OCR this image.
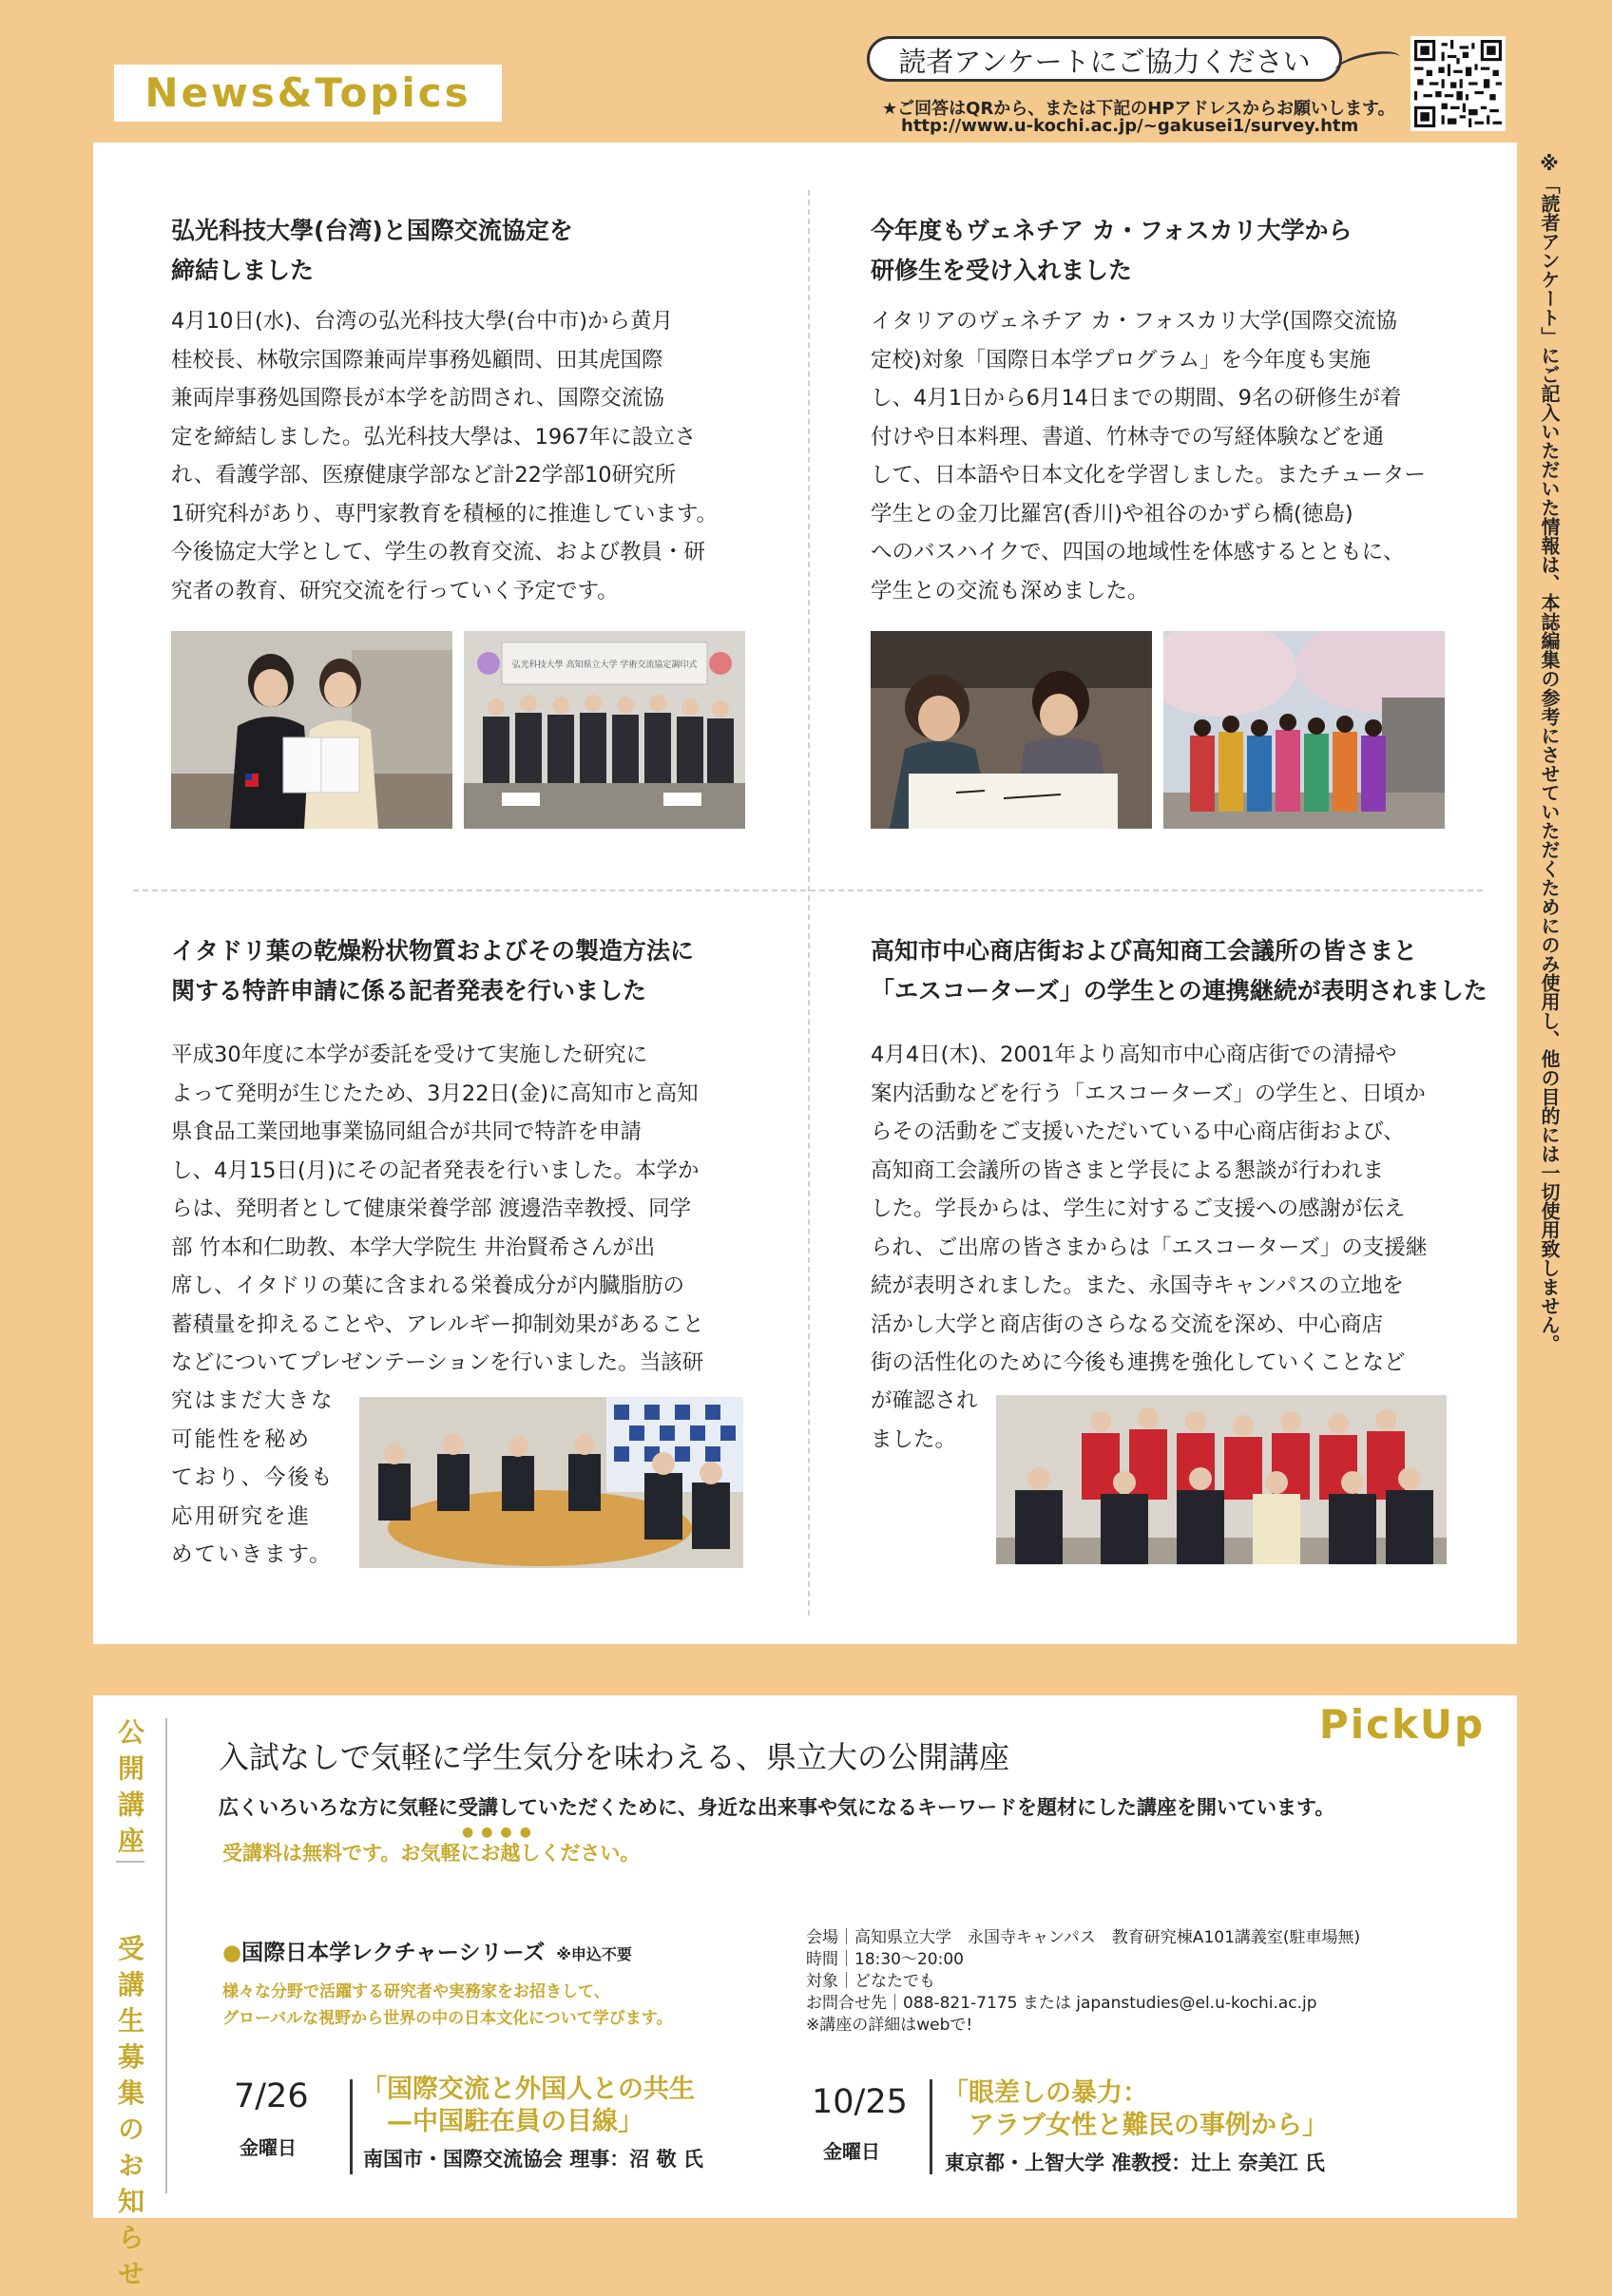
News&Topics
読者アンケートにご協力ください
★ご回答はQRから、または下記のHPアドレスからお願いします。
http://www.u-kochi.ac.jp/~gakusei1/survey.htm
※「読者アンケート」にご記入いただいた情報は、本誌編集の参考にさせていただくためにのみ使用し、他の目的には一切使用致しません。
弘光科技大學(台湾)と国際交流協定を
締結しました
4月10日(水)、台湾の弘光科技大學(台中市)から黄月
桂校長、林敬宗国際兼両岸事務処顧問、田其虎国際
兼両岸事務処国際長が本学を訪問され、国際交流協
定を締結しました。弘光科技大學は、1967年に設立さ
れ、看護学部、医療健康学部など計22学部10研究所
1研究科があり、専門家教育を積極的に推進しています。
今後協定大学として、学生の教育交流、および教員・研
究者の教育、研究交流を行っていく予定です。
弘光科技大學 高知県立大学 学術交流協定調印式
今年度もヴェネチア カ・フォスカリ大学から
研修生を受け入れました
イタリアのヴェネチア カ・フォスカリ大学(国際交流協
定校)対象「国際日本学プログラム」を今年度も実施
し、4月1日から6月14日までの期間、9名の研修生が着
付けや日本料理、書道、竹林寺での写経体験などを通
して、日本語や日本文化を学習しました。またチューター
学生との金刀比羅宮(香川)や祖谷のかずら橋(徳島)
へのバスハイクで、四国の地域性を体感するとともに、
学生との交流も深めました。
イタドリ葉の乾燥粉状物質およびその製造方法に
関する特許申請に係る記者発表を行いました
平成30年度に本学が委託を受けて実施した研究に
よって発明が生じたため、3月22日(金)に高知市と高知
県食品工業団地事業協同組合が共同で特許を申請
し、4月15日(月)にその記者発表を行いました。本学か
らは、発明者として健康栄養学部 渡邊浩幸教授、同学
部 竹本和仁助教、本学大学院生 井治賢希さんが出
席し、イタドリの葉に含まれる栄養成分が内臓脂肪の
蓄積量を抑えることや、アレルギー抑制効果があること
などについてプレゼンテーションを行いました。当該研
究はまだ大きな
可能性を秘め
ており、今後も
応用研究を進
めていきます。
高知市中心商店街および高知商工会議所の皆さまと
「エスコーターズ」の学生との連携継続が表明されました
4月4日(木)、2001年より高知市中心商店街での清掃や
案内活動などを行う「エスコーターズ」の学生と、日頃か
らその活動をご支援いただいている中心商店街および、
高知商工会議所の皆さまと学長による懇談が行われま
した。学長からは、学生に対するご支援への感謝が伝え
られ、ご出席の皆さまからは「エスコーターズ」の支援継
続が表明されました。また、永国寺キャンパスの立地を
活かし大学と商店街のさらなる交流を深め、中心商店
街の活性化のために今後も連携を強化していくことなど
が確認され
ました。
PickUp
公開講座  受講生募集のお知らせ
入試なしで気軽に学生気分を味わえる、県立大の公開講座
広くいろいろな方に気軽に受講していただくために、身近な出来事や気になるキーワードを題材にした講座を開いています。
受講料は無料です。お気軽にお越しください。
●●●●
●国際日本学レクチャーシリーズ ※申込不要
様々な分野で活躍する研究者や実務家をお招きして、
グローバルな視野から世界の中の日本文化について学びます。
会場｜高知県立大学　永国寺キャンパス　教育研究棟A101講義室(駐車場無)
時間｜18:30～20:00
対象｜どなたでも
お問合せ先｜088-821-7175 または japanstudies@el.u-kochi.ac.jp
※講座の詳細はwebで!
7/26
金曜日
「国際交流と外国人との共生
　—中国駐在員の目線」
南国市・国際交流協会 理事：沼 敬 氏
10/25
金曜日
「眼差しの暴力：
　アラブ女性と難民の事例から」
東京都・上智大学 准教授：辻上 奈美江 氏
